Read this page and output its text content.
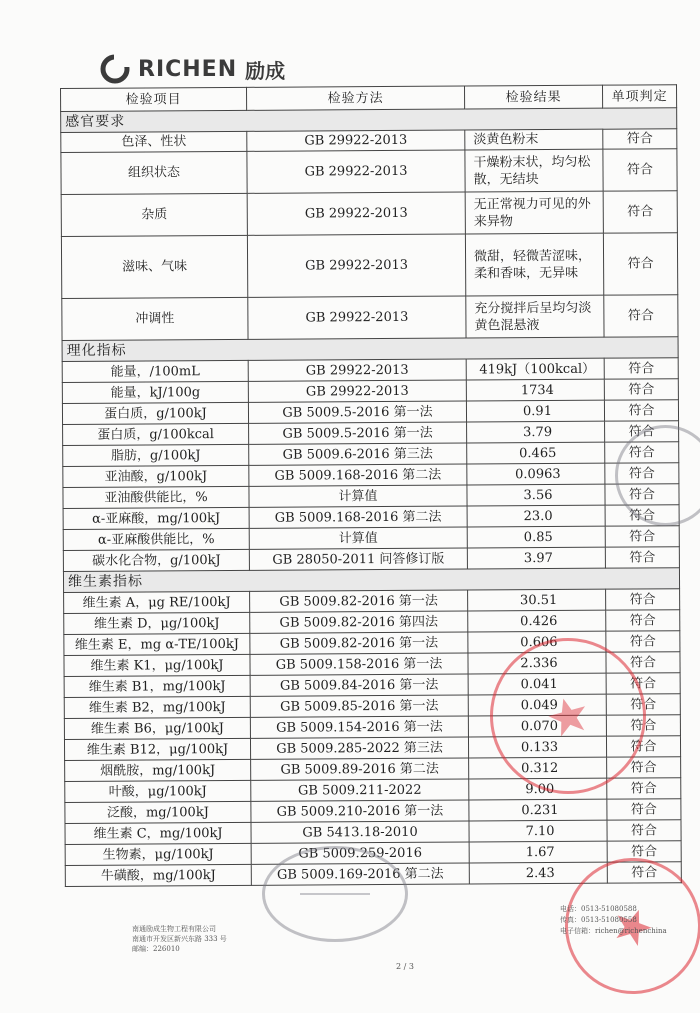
RICHEN 励成
检验项目	检验方法	检验结果	单项判定
感官要求			
色泽、性状	GB 29922-2013	淡黄色粉末	符合
组织状态	GB 29922-2013	干燥粉末状，均匀松散，无结块	符合
杂质	GB 29922-2013	无正常视力可见的外来异物	符合
滋味、气味	GB 29922-2013	微甜，轻微苦涩味，柔和香味，无异味	符合
冲调性	GB 29922-2013	充分搅拌后呈均匀淡黄色混悬液	符合
理化指标			
能量，/100mL	GB 29922-2013	419kJ（100kcal）	符合
能量，kJ/100g	GB 29922-2013	1734	符合
蛋白质，g/100kJ	GB 5009.5-2016 第一法	0.91	符合
蛋白质，g/100kcal	GB 5009.5-2016 第一法	3.79	符合
脂肪，g/100kJ	GB 5009.6-2016 第三法	0.465	符合
亚油酸，g/100kJ	GB 5009.168-2016 第二法	0.0963	符合
亚油酸供能比，%	计算值	3.56	符合
α-亚麻酸，mg/100kJ	GB 5009.168-2016 第二法	23.0	符合
α-亚麻酸供能比，%	计算值	0.85	符合
碳水化合物，g/100kJ	GB 28050-2011 问答修订版	3.97	符合
维生素指标			
维生素 A，μg RE/100kJ	GB 5009.82-2016 第一法	30.51	符合
维生素 D，μg/100kJ	GB 5009.82-2016 第四法	0.426	符合
维生素 E，mg α-TE/100kJ	GB 5009.82-2016 第一法	0.606	符合
维生素 K1，μg/100kJ	GB 5009.158-2016 第一法	2.336	符合
维生素 B1，mg/100kJ	GB 5009.84-2016 第一法	0.041	符合
维生素 B2，mg/100kJ	GB 5009.85-2016 第一法	0.049	符合
维生素 B6，μg/100kJ	GB 5009.154-2016 第一法	0.070	符合
维生素 B12，μg/100kJ	GB 5009.285-2022 第三法	0.133	符合
烟酰胺，mg/100kJ	GB 5009.89-2016 第二法	0.312	符合
叶酸，μg/100kJ	GB 5009.211-2022	9.00	符合
泛酸，mg/100kJ	GB 5009.210-2016 第一法	0.231	符合
维生素 C，mg/100kJ	GB 5413.18-2010	7.10	符合
生物素，μg/100kJ	GB 5009.259-2016	1.67	符合
牛磺酸，mg/100kJ	GB 5009.169-2016 第二法	2.43	符合
南通励成生物工程有限公司
南通市开发区新兴东路 333 号
邮编：226010
电话：0513-51080588
传真：0513-51080558
电子信箱：richen@richenchina
2 / 3
